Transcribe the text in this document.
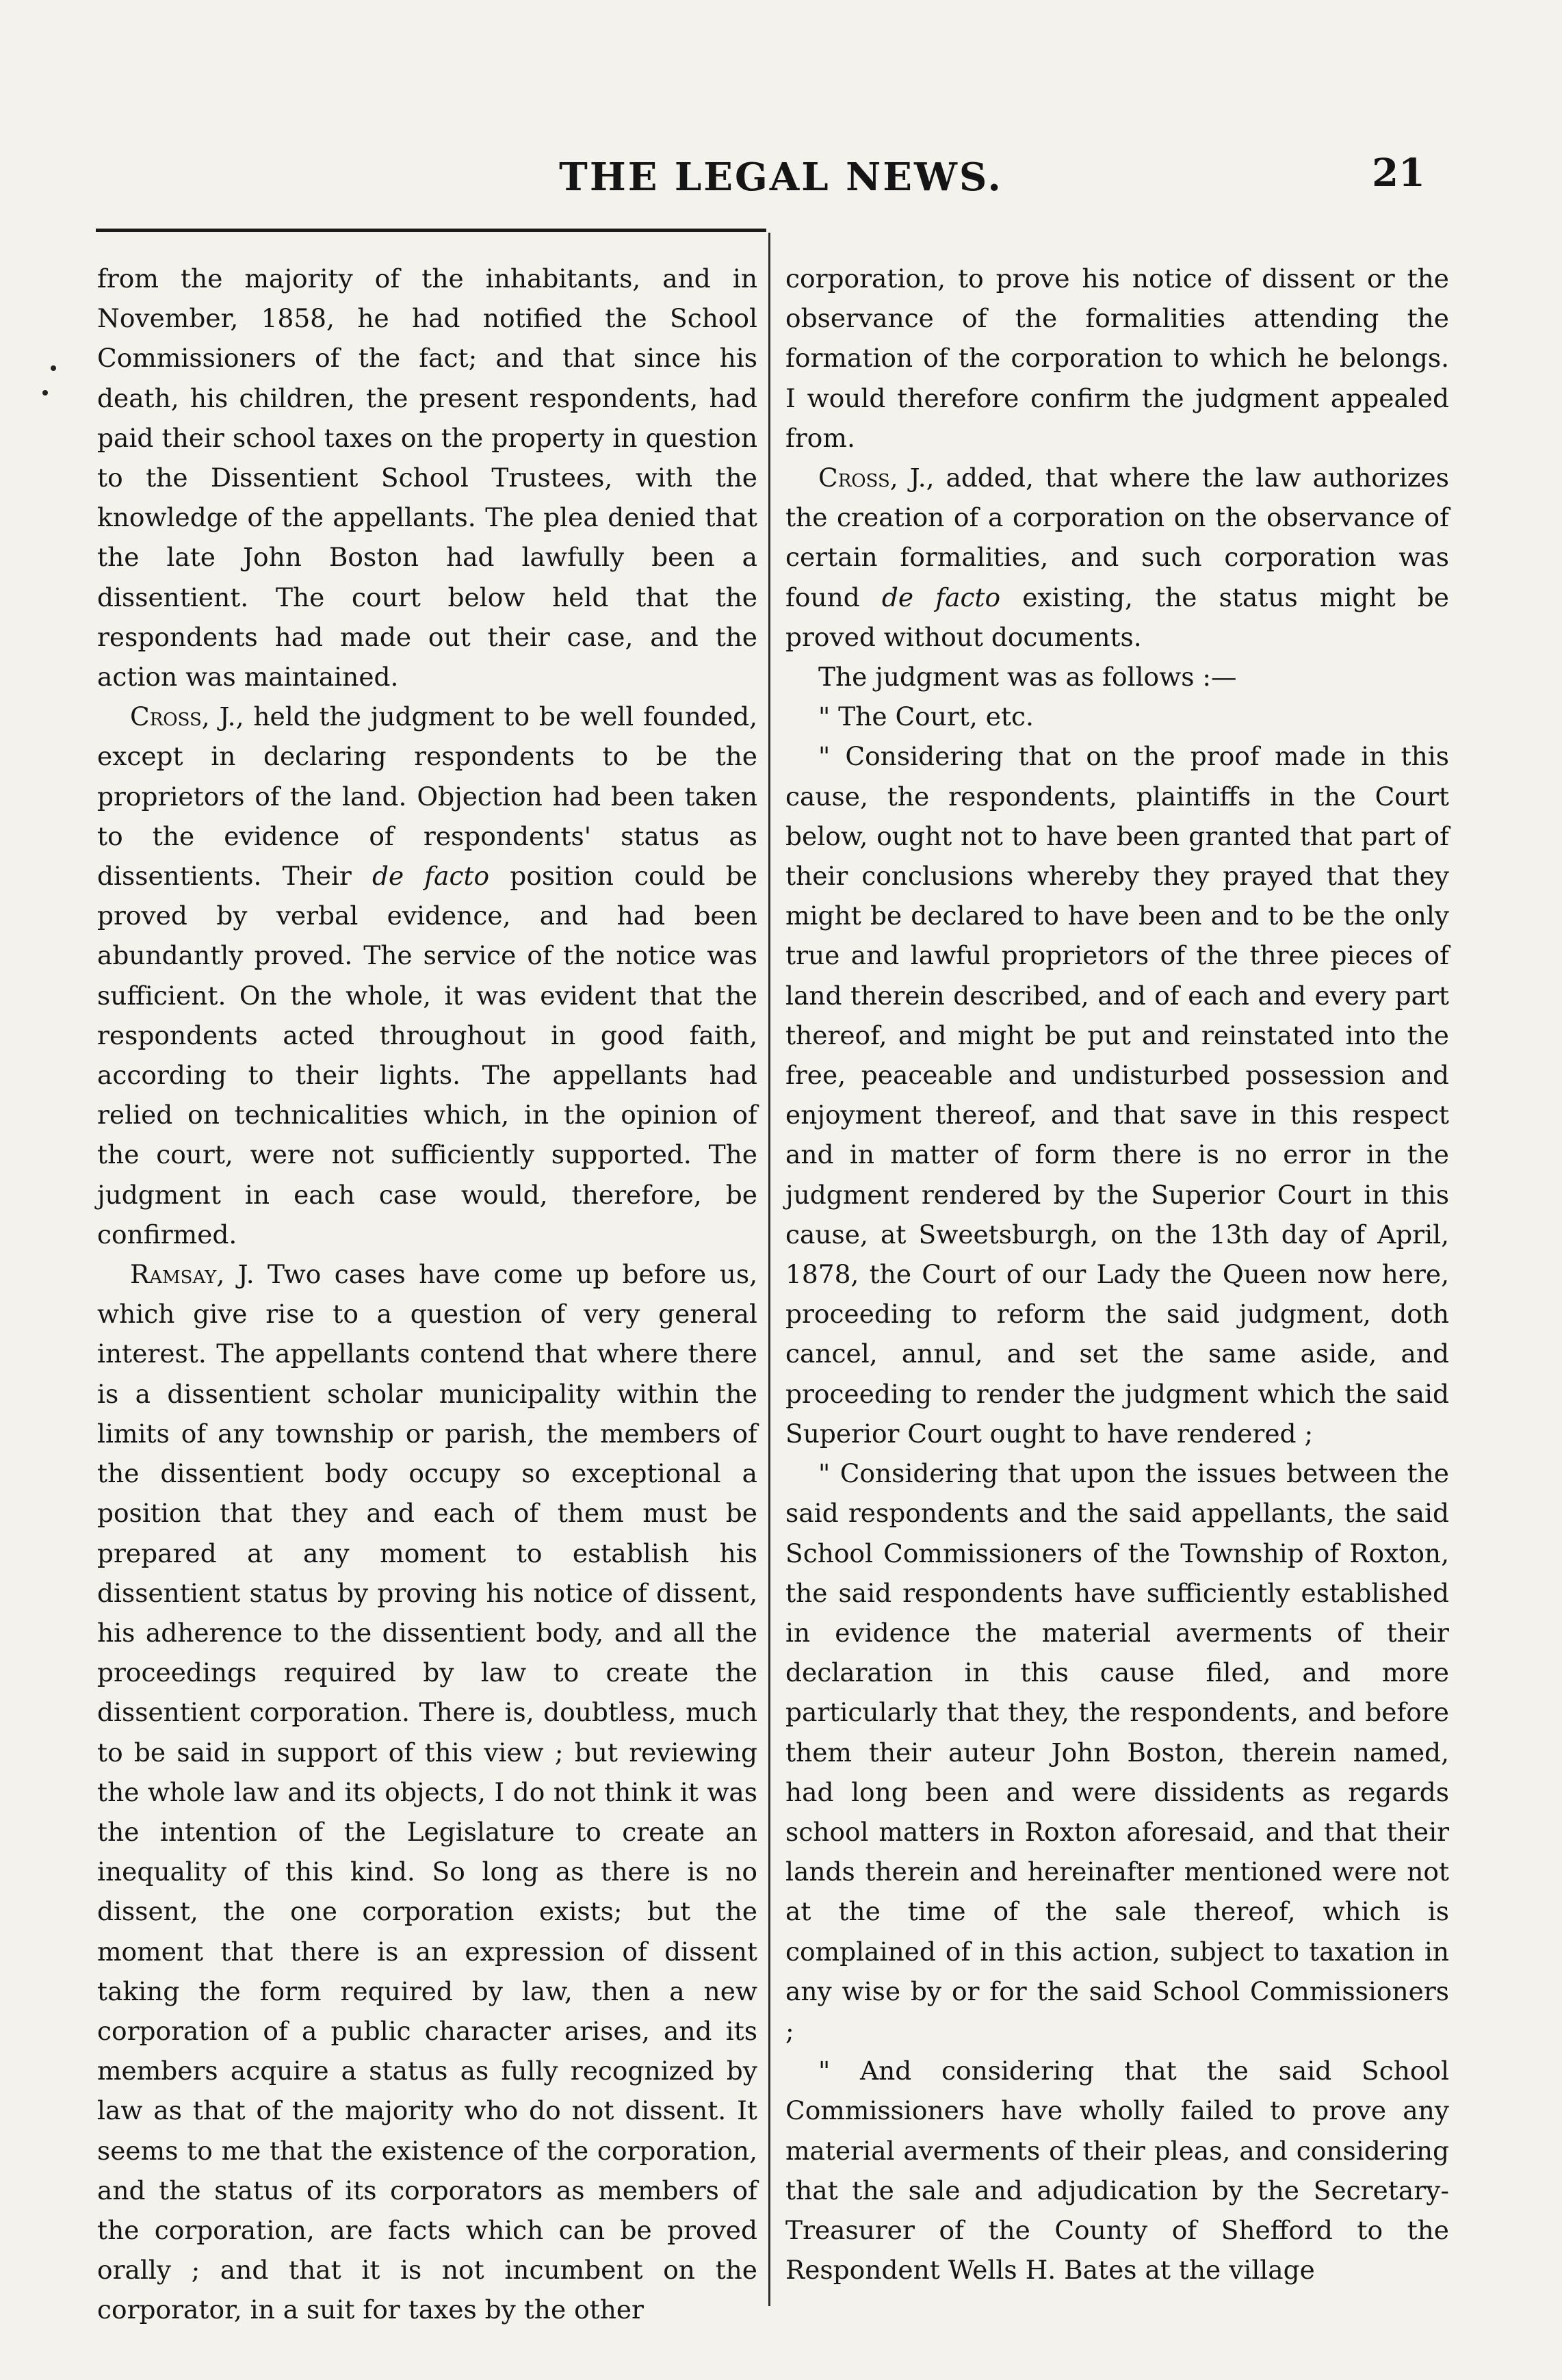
THE LEGAL NEWS.	21

from the majority of the inhabitants, and in November, 1858, he had notified the School Commissioners of the fact; and that since his death, his children, the present respondents, had paid their school taxes on the property in question to the Dissentient School Trustees, with the knowledge of the appellants. The plea denied that the late John Boston had lawfully been a dissentient. The court below held that the respondents had made out their case, and the action was maintained.

Cross, J., held the judgment to be well founded, except in declaring respondents to be the proprietors of the land. Objection had been taken to the evidence of respondents' status as dissentients. Their de facto position could be proved by verbal evidence, and had been abundantly proved. The service of the notice was sufficient. On the whole, it was evident that the respondents acted throughout in good faith, according to their lights. The appellants had relied on technicalities which, in the opinion of the court, were not sufficiently supported. The judgment in each case would, therefore, be confirmed.

Ramsay, J. Two cases have come up before us, which give rise to a question of very general interest. The appellants contend that where there is a dissentient scholar municipality within the limits of any township or parish, the members of the dissentient body occupy so exceptional a position that they and each of them must be prepared at any moment to establish his dissentient status by proving his notice of dissent, his adherence to the dissentient body, and all the proceedings required by law to create the dissentient corporation. There is, doubtless, much to be said in support of this view ; but reviewing the whole law and its objects, I do not think it was the intention of the Legislature to create an inequality of this kind. So long as there is no dissent, the one corporation exists; but the moment that there is an expression of dissent taking the form required by law, then a new corporation of a public character arises, and its members acquire a status as fully recognized by law as that of the majority who do not dissent. It seems to me that the existence of the corporation, and the status of its corporators as members of the corporation, are facts which can be proved orally ; and that it is not incumbent on the corporator, in a suit for taxes by the other

corporation, to prove his notice of dissent or the observance of the formalities attending the formation of the corporation to which he belongs. I would therefore confirm the judgment appealed from.

Cross, J., added, that where the law authorizes the creation of a corporation on the observance of certain formalities, and such corporation was found de facto existing, the status might be proved without documents.

The judgment was as follows :—

" The Court, etc.

" Considering that on the proof made in this cause, the respondents, plaintiffs in the Court below, ought not to have been granted that part of their conclusions whereby they prayed that they might be declared to have been and to be the only true and lawful proprietors of the three pieces of land therein described, and of each and every part thereof, and might be put and reinstated into the free, peaceable and undisturbed possession and enjoyment thereof, and that save in this respect and in matter of form there is no error in the judgment rendered by the Superior Court in this cause, at Sweetsburgh, on the 13th day of April, 1878, the Court of our Lady the Queen now here, proceeding to reform the said judgment, doth cancel, annul, and set the same aside, and proceeding to render the judgment which the said Superior Court ought to have rendered ;

" Considering that upon the issues between the said respondents and the said appellants, the said School Commissioners of the Township of Roxton, the said respondents have sufficiently established in evidence the material averments of their declaration in this cause filed, and more particularly that they, the respondents, and before them their auteur John Boston, therein named, had long been and were dissidents as regards school matters in Roxton aforesaid, and that their lands therein and hereinafter mentioned were not at the time of the sale thereof, which is complained of in this action, subject to taxation in any wise by or for the said School Commissioners ;

" And considering that the said School Commissioners have wholly failed to prove any material averments of their pleas, and considering that the sale and adjudication by the Secretary-Treasurer of the County of Shefford to the Respondent Wells H. Bates at the village
